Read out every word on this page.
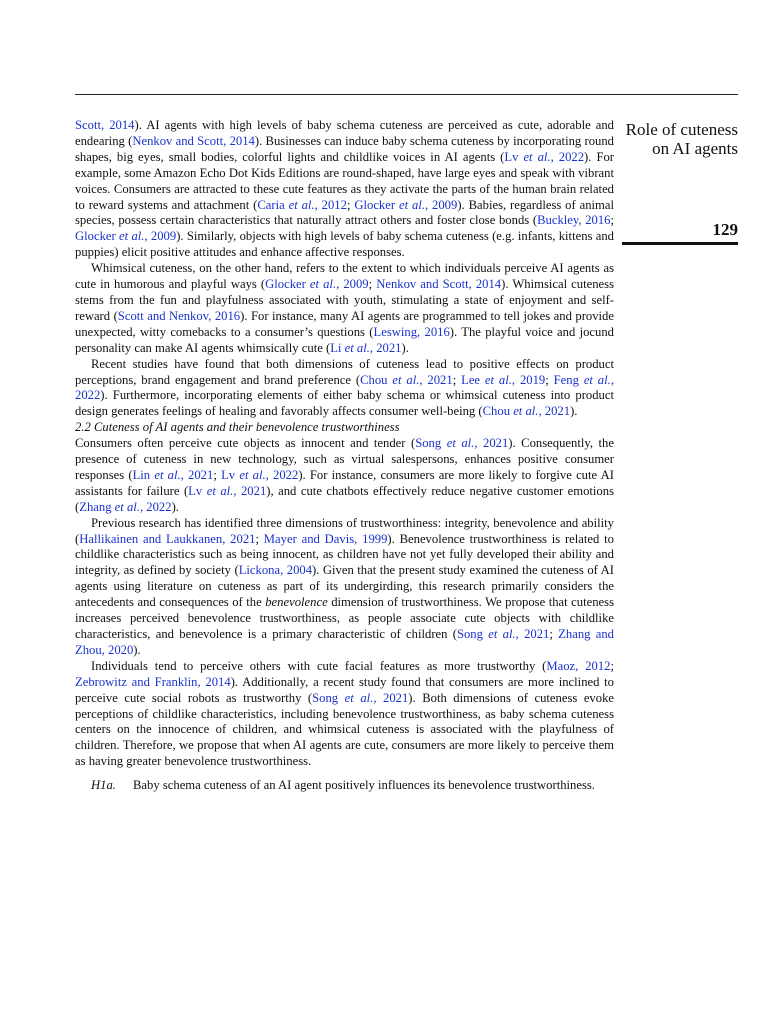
Role of cuteness on AI agents
129

Scott, 2014). AI agents with high levels of baby schema cuteness are perceived as cute, adorable and endearing (Nenkov and Scott, 2014). Businesses can induce baby schema cuteness by incorporating round shapes, big eyes, small bodies, colorful lights and childlike voices in AI agents (Lv et al., 2022). For example, some Amazon Echo Dot Kids Editions are round-shaped, have large eyes and speak with vibrant voices. Consumers are attracted to these cute features as they activate the parts of the human brain related to reward systems and attachment (Caria et al., 2012; Glocker et al., 2009). Babies, regardless of animal species, possess certain characteristics that naturally attract others and foster close bonds (Buckley, 2016; Glocker et al., 2009). Similarly, objects with high levels of baby schema cuteness (e.g. infants, kittens and puppies) elicit positive attitudes and enhance affective responses.

Whimsical cuteness, on the other hand, refers to the extent to which individuals perceive AI agents as cute in humorous and playful ways (Glocker et al., 2009; Nenkov and Scott, 2014). Whimsical cuteness stems from the fun and playfulness associated with youth, stimulating a state of enjoyment and self-reward (Scott and Nenkov, 2016). For instance, many AI agents are programmed to tell jokes and provide unexpected, witty comebacks to a consumer’s questions (Leswing, 2016). The playful voice and jocund personality can make AI agents whimsically cute (Li et al., 2021).

Recent studies have found that both dimensions of cuteness lead to positive effects on product perceptions, brand engagement and brand preference (Chou et al., 2021; Lee et al., 2019; Feng et al., 2022). Furthermore, incorporating elements of either baby schema or whimsical cuteness into product design generates feelings of healing and favorably affects consumer well-being (Chou et al., 2021).

2.2 Cuteness of AI agents and their benevolence trustworthiness

Consumers often perceive cute objects as innocent and tender (Song et al., 2021). Consequently, the presence of cuteness in new technology, such as virtual salespersons, enhances positive consumer responses (Lin et al., 2021; Lv et al., 2022). For instance, consumers are more likely to forgive cute AI assistants for failure (Lv et al., 2021), and cute chatbots effectively reduce negative customer emotions (Zhang et al., 2022).

Previous research has identified three dimensions of trustworthiness: integrity, benevolence and ability (Hallikainen and Laukkanen, 2021; Mayer and Davis, 1999). Benevolence trustworthiness is related to childlike characteristics such as being innocent, as children have not yet fully developed their ability and integrity, as defined by society (Lickona, 2004). Given that the present study examined the cuteness of AI agents using literature on cuteness as part of its undergirding, this research primarily considers the antecedents and consequences of the benevolence dimension of trustworthiness. We propose that cuteness increases perceived benevolence trustworthiness, as people associate cute objects with childlike characteristics, and benevolence is a primary characteristic of children (Song et al., 2021; Zhang and Zhou, 2020).

Individuals tend to perceive others with cute facial features as more trustworthy (Maoz, 2012; Zebrowitz and Franklin, 2014). Additionally, a recent study found that consumers are more inclined to perceive cute social robots as trustworthy (Song et al., 2021). Both dimensions of cuteness evoke perceptions of childlike characteristics, including benevolence trustworthiness, as baby schema cuteness centers on the innocence of children, and whimsical cuteness is associated with the playfulness of children. Therefore, we propose that when AI agents are cute, consumers are more likely to perceive them as having greater benevolence trustworthiness.

H1a.	Baby schema cuteness of an AI agent positively influences its benevolence trustworthiness.
